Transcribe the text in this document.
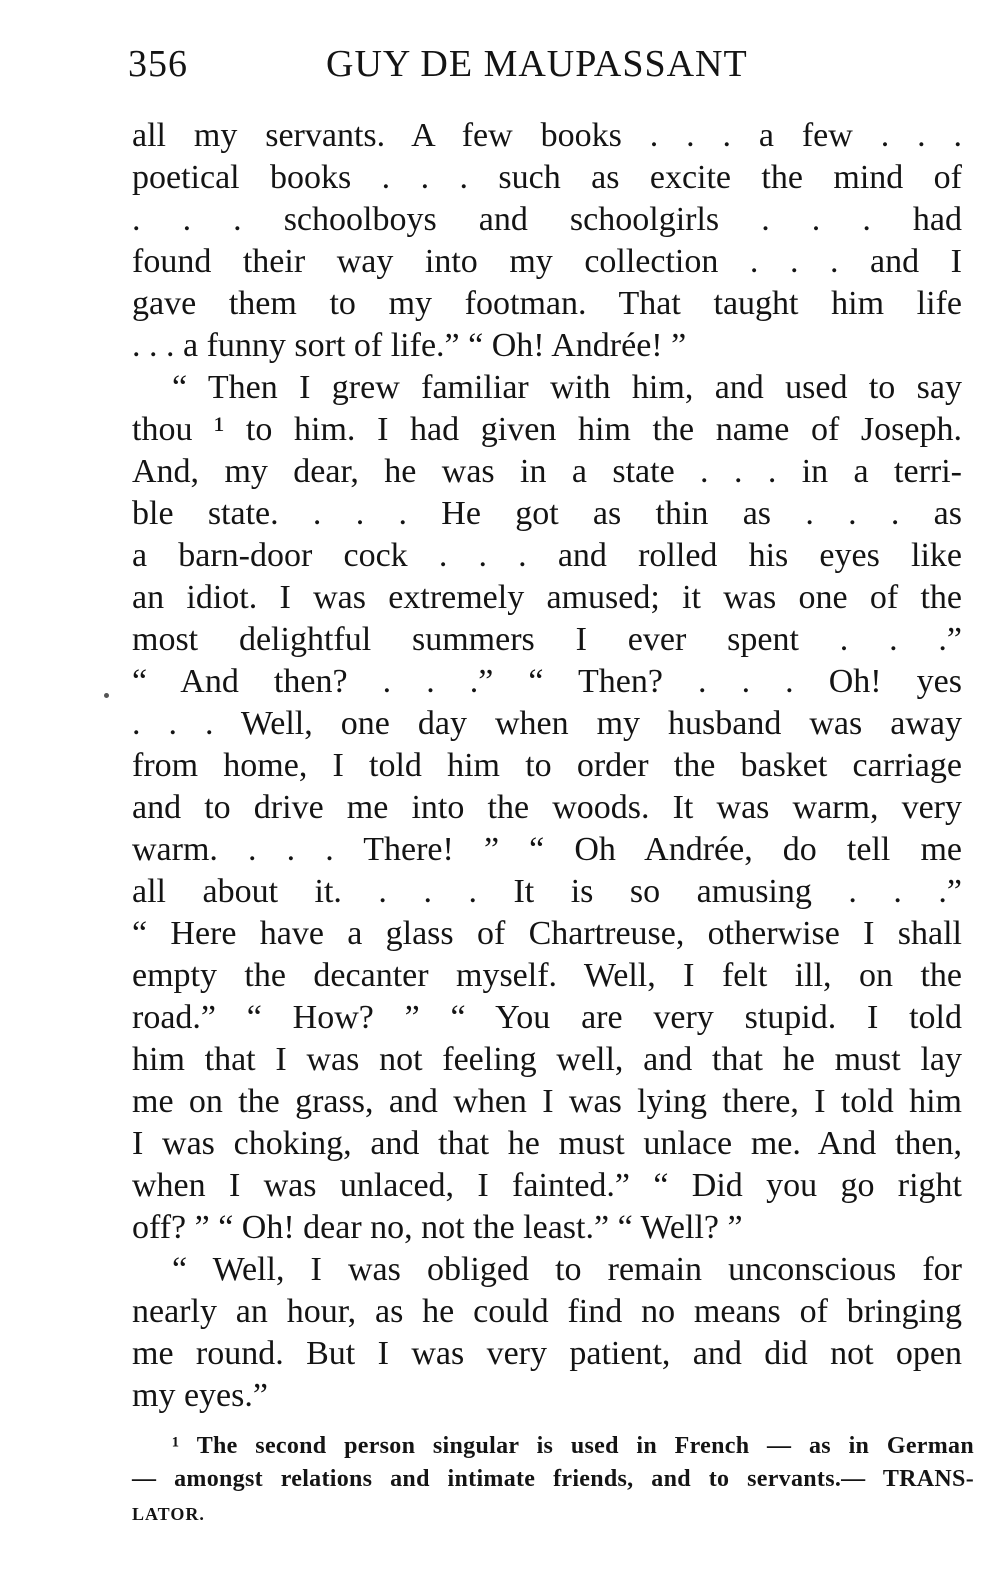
356	GUY DE MAUPASSANT
all my servants. A few books . . . a few . . .
poetical books . . . such as excite the mind of
. . . schoolboys and schoolgirls . . . had
found their way into my collection . . . and I
gave them to my footman. That taught him life
. . . a funny sort of life.” “ Oh! Andrée! ”
“ Then I grew familiar with him, and used to say
thou ¹ to him. I had given him the name of Joseph.
And, my dear, he was in a state . . . in a terri-
ble state. . . . He got as thin as . . . as
a barn-door cock . . . and rolled his eyes like
an idiot. I was extremely amused; it was one of the
most delightful summers I ever spent . . .”
“ And then? . . .” “ Then? . . . Oh! yes
. . . Well, one day when my husband was away
from home, I told him to order the basket carriage
and to drive me into the woods. It was warm, very
warm. . . . There! ” “ Oh Andrée, do tell me
all about it. . . . It is so amusing . . .”
“ Here have a glass of Chartreuse, otherwise I shall
empty the decanter myself. Well, I felt ill, on the
road.” “ How? ” “ You are very stupid. I told
him that I was not feeling well, and that he must lay
me on the grass, and when I was lying there, I told him
I was choking, and that he must unlace me. And then,
when I was unlaced, I fainted.” “ Did you go right
off? ” “ Oh! dear no, not the least.” “ Well? ”
“ Well, I was obliged to remain unconscious for
nearly an hour, as he could find no means of bringing
me round. But I was very patient, and did not open
my eyes.”
¹ The second person singular is used in French — as in German
— amongst relations and intimate friends, and to servants.— TRANS-
LATOR.
